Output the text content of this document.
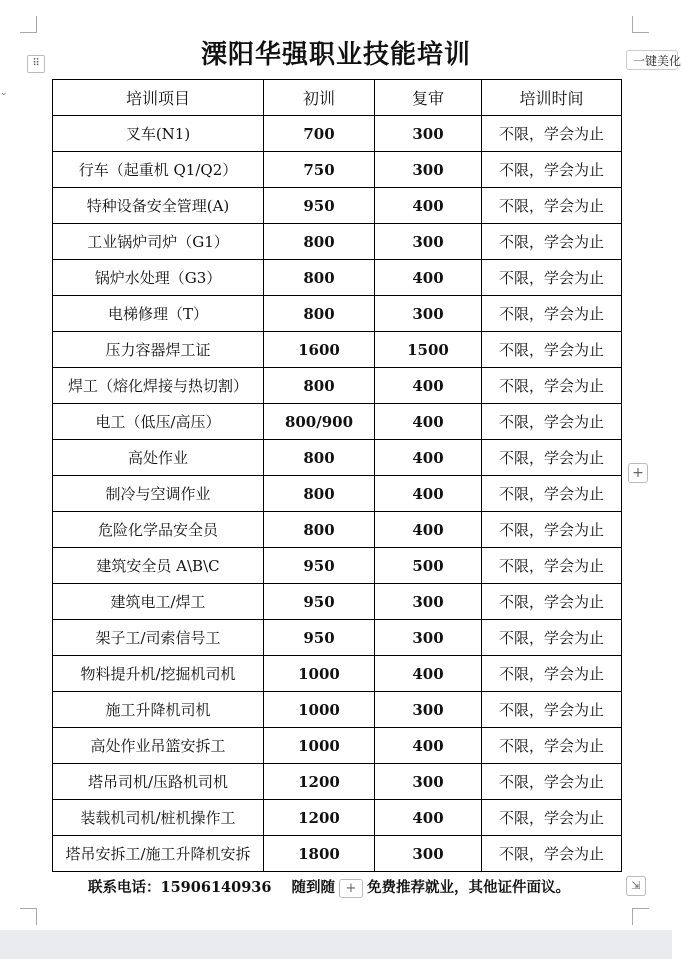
⌄
⠿	一键美化
溧阳华强职业技能培训
培训项目	初训	复审	培训时间
叉车(N1)	700	300	不限，学会为止
行车（起重机 Q1/Q2）	750	300	不限，学会为止
特种设备安全管理(A)	950	400	不限，学会为止
工业锅炉司炉（G1）	800	300	不限，学会为止
锅炉水处理（G3）	800	400	不限，学会为止
电梯修理（T）	800	300	不限，学会为止
压力容器焊工证	1600	1500	不限，学会为止
焊工（熔化焊接与热切割）	800	400	不限，学会为止
电工（低压/高压）	800/900	400	不限，学会为止
高处作业	800	400	不限，学会为止
制冷与空调作业	800	400	不限，学会为止
危险化学品安全员	800	400	不限，学会为止
建筑安全员 A\B\C	950	500	不限，学会为止
建筑电工/焊工	950	300	不限，学会为止
架子工/司索信号工	950	300	不限，学会为止
物料提升机/挖掘机司机	1000	400	不限，学会为止
施工升降机司机	1000	300	不限，学会为止
高处作业吊篮安拆工	1000	400	不限，学会为止
塔吊司机/压路机司机	1200	300	不限，学会为止
装载机司机/桩机操作工	1200	400	不限，学会为止
塔吊安拆工/施工升降机安拆	1800	300	不限，学会为止
+
⇲
联系电话：15906140936 随到随 + 免费推荐就业，其他证件面议。
